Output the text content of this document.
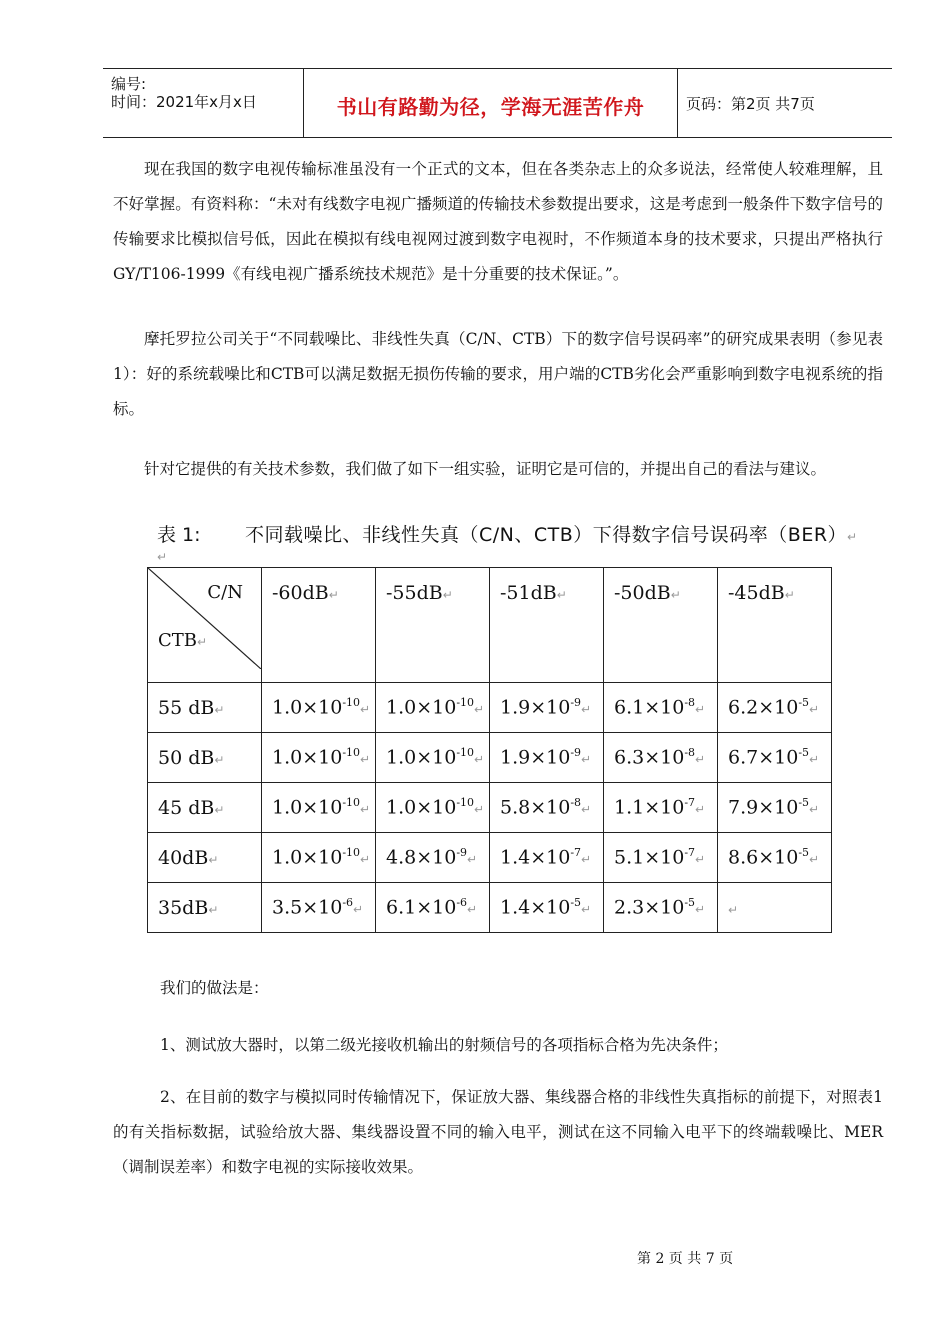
编号:
时间：2021年x月x日	书山有路勤为径，学海无涯苦作舟	页码：第2页 共7页

现在我国的数字电视传输标准虽没有一个正式的文本，但在各类杂志上的众多说法，经常使人较难理解，且不好掌握。有资料称：“未对有线数字电视广播频道的传输技术参数提出要求，这是考虑到一般条件下数字信号的传输要求比模拟信号低，因此在模拟有线电视网过渡到数字电视时，不作频道本身的技术要求，只提出严格执行GY/T106-1999《有线电视广播系统技术规范》是十分重要的技术保证。”。

摩托罗拉公司关于“不同载噪比、非线性失真（C/N、CTB）下的数字信号误码率”的研究成果表明（参见表1）：好的系统载噪比和CTB可以满足数据无损伤传输的要求，用户端的CTB劣化会严重影响到数字电视系统的指标。

针对它提供的有关技术参数，我们做了如下一组实验，证明它是可信的，并提出自己的看法与建议。

表 1: 不同载噪比、非线性失真（C/N、CTB）下得数字信号误码率（BER）↵
↵
C/N
CTB↵	-60dB↵	-55dB↵	-51dB↵	-50dB↵	-45dB↵
55 dB↵	$1.0\times 10^{-10}↵$	$1.0\times 10^{-10}↵$	$1.9\times 10^{-9}↵$	$6.1\times 10^{-8}↵$	$6.2\times 10^{-5}↵$
50 dB↵	$1.0\times 10^{-10}↵$	$1.0\times 10^{-10}↵$	$1.9\times 10^{-9}↵$	$6.3\times 10^{-8}↵$	$6.7\times 10^{-5}↵$
45 dB↵	$1.0\times 10^{-10}↵$	$1.0\times 10^{-10}↵$	$5.8\times 10^{-8}↵$	$1.1\times 10^{-7}↵$	$7.9\times 10^{-5}↵$
40dB↵	$1.0\times 10^{-10}↵$	$4.8\times 10^{-9}↵$	$1.4\times 10^{-7}↵$	$5.1\times 10^{-7}↵$	$8.6\times 10^{-5}↵$
35dB↵	$3.5\times 10^{-6}↵$	$6.1\times 10^{-6}↵$	$1.4\times 10^{-5}↵$	$2.3\times 10^{-5}↵$	↵
我们的做法是：
1、测试放大器时，以第二级光接收机输出的射频信号的各项指标合格为先决条件；

2、在目前的数字与模拟同时传输情况下，保证放大器、集线器合格的非线性失真指标的前提下，对照表1的有关指标数据，试验给放大器、集线器设置不同的输入电平，测试在这不同输入电平下的终端载噪比、MER（调制误差率）和数字电视的实际接收效果。

第 2 页 共 7 页
